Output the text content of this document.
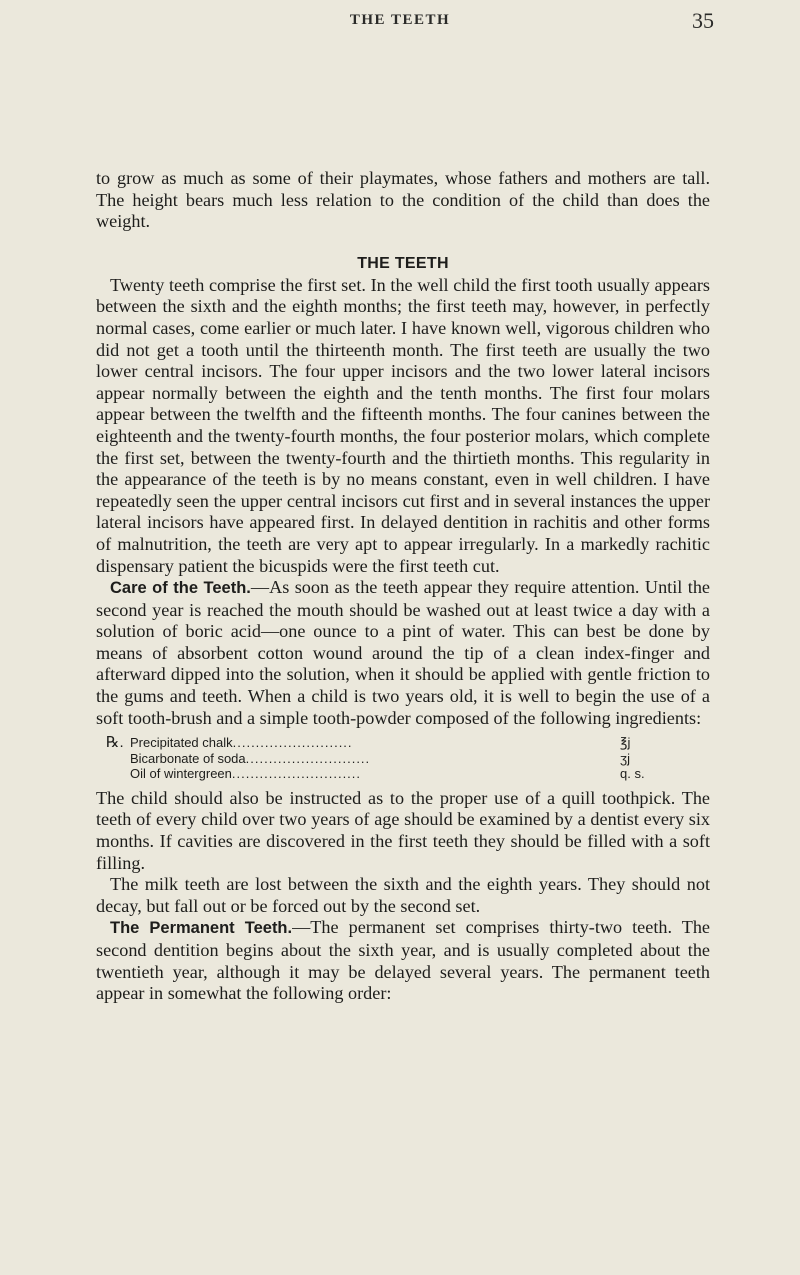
THE TEETH	35

to grow as much as some of their playmates, whose fathers and mothers are tall. The height bears much less relation to the condition of the child than does the weight.

THE TEETH

Twenty teeth comprise the first set. In the well child the first tooth usually appears between the sixth and the eighth months; the first teeth may, however, in perfectly normal cases, come earlier or much later. I have known well, vigorous children who did not get a tooth until the thirteenth month. The first teeth are usually the two lower central incisors. The four upper incisors and the two lower lateral incisors appear normally between the eighth and the tenth months. The first four molars appear between the twelfth and the fifteenth months. The four canines between the eighteenth and the twenty-fourth months, the four posterior molars, which complete the first set, between the twenty-fourth and the thirtieth months. This regularity in the appearance of the teeth is by no means constant, even in well children. I have repeatedly seen the upper central incisors cut first and in several instances the upper lateral incisors have appeared first. In delayed dentition in rachitis and other forms of malnutrition, the teeth are very apt to appear irregularly. In a markedly rachitic dispensary patient the bicuspids were the first teeth cut.

Care of the Teeth.—As soon as the teeth appear they require attention. Until the second year is reached the mouth should be washed out at least twice a day with a solution of boric acid—one ounce to a pint of water. This can best be done by means of absorbent cotton wound around the tip of a clean index-finger and afterward dipped into the solution, when it should be applied with gentle friction to the gums and teeth. When a child is two years old, it is well to begin the use of a soft tooth-brush and a simple tooth-powder composed of the following ingredients:

℞. Precipitated chalk ..........................	℥j
Bicarbonate of soda ...........................	ʒj
Oil of wintergreen ............................	q. s.

The child should also be instructed as to the proper use of a quill toothpick. The teeth of every child over two years of age should be examined by a dentist every six months. If cavities are discovered in the first teeth they should be filled with a soft filling.

The milk teeth are lost between the sixth and the eighth years. They should not decay, but fall out or be forced out by the second set.

The Permanent Teeth.—The permanent set comprises thirty-two teeth. The second dentition begins about the sixth year, and is usually completed about the twentieth year, although it may be delayed several years. The permanent teeth appear in somewhat the following order:
